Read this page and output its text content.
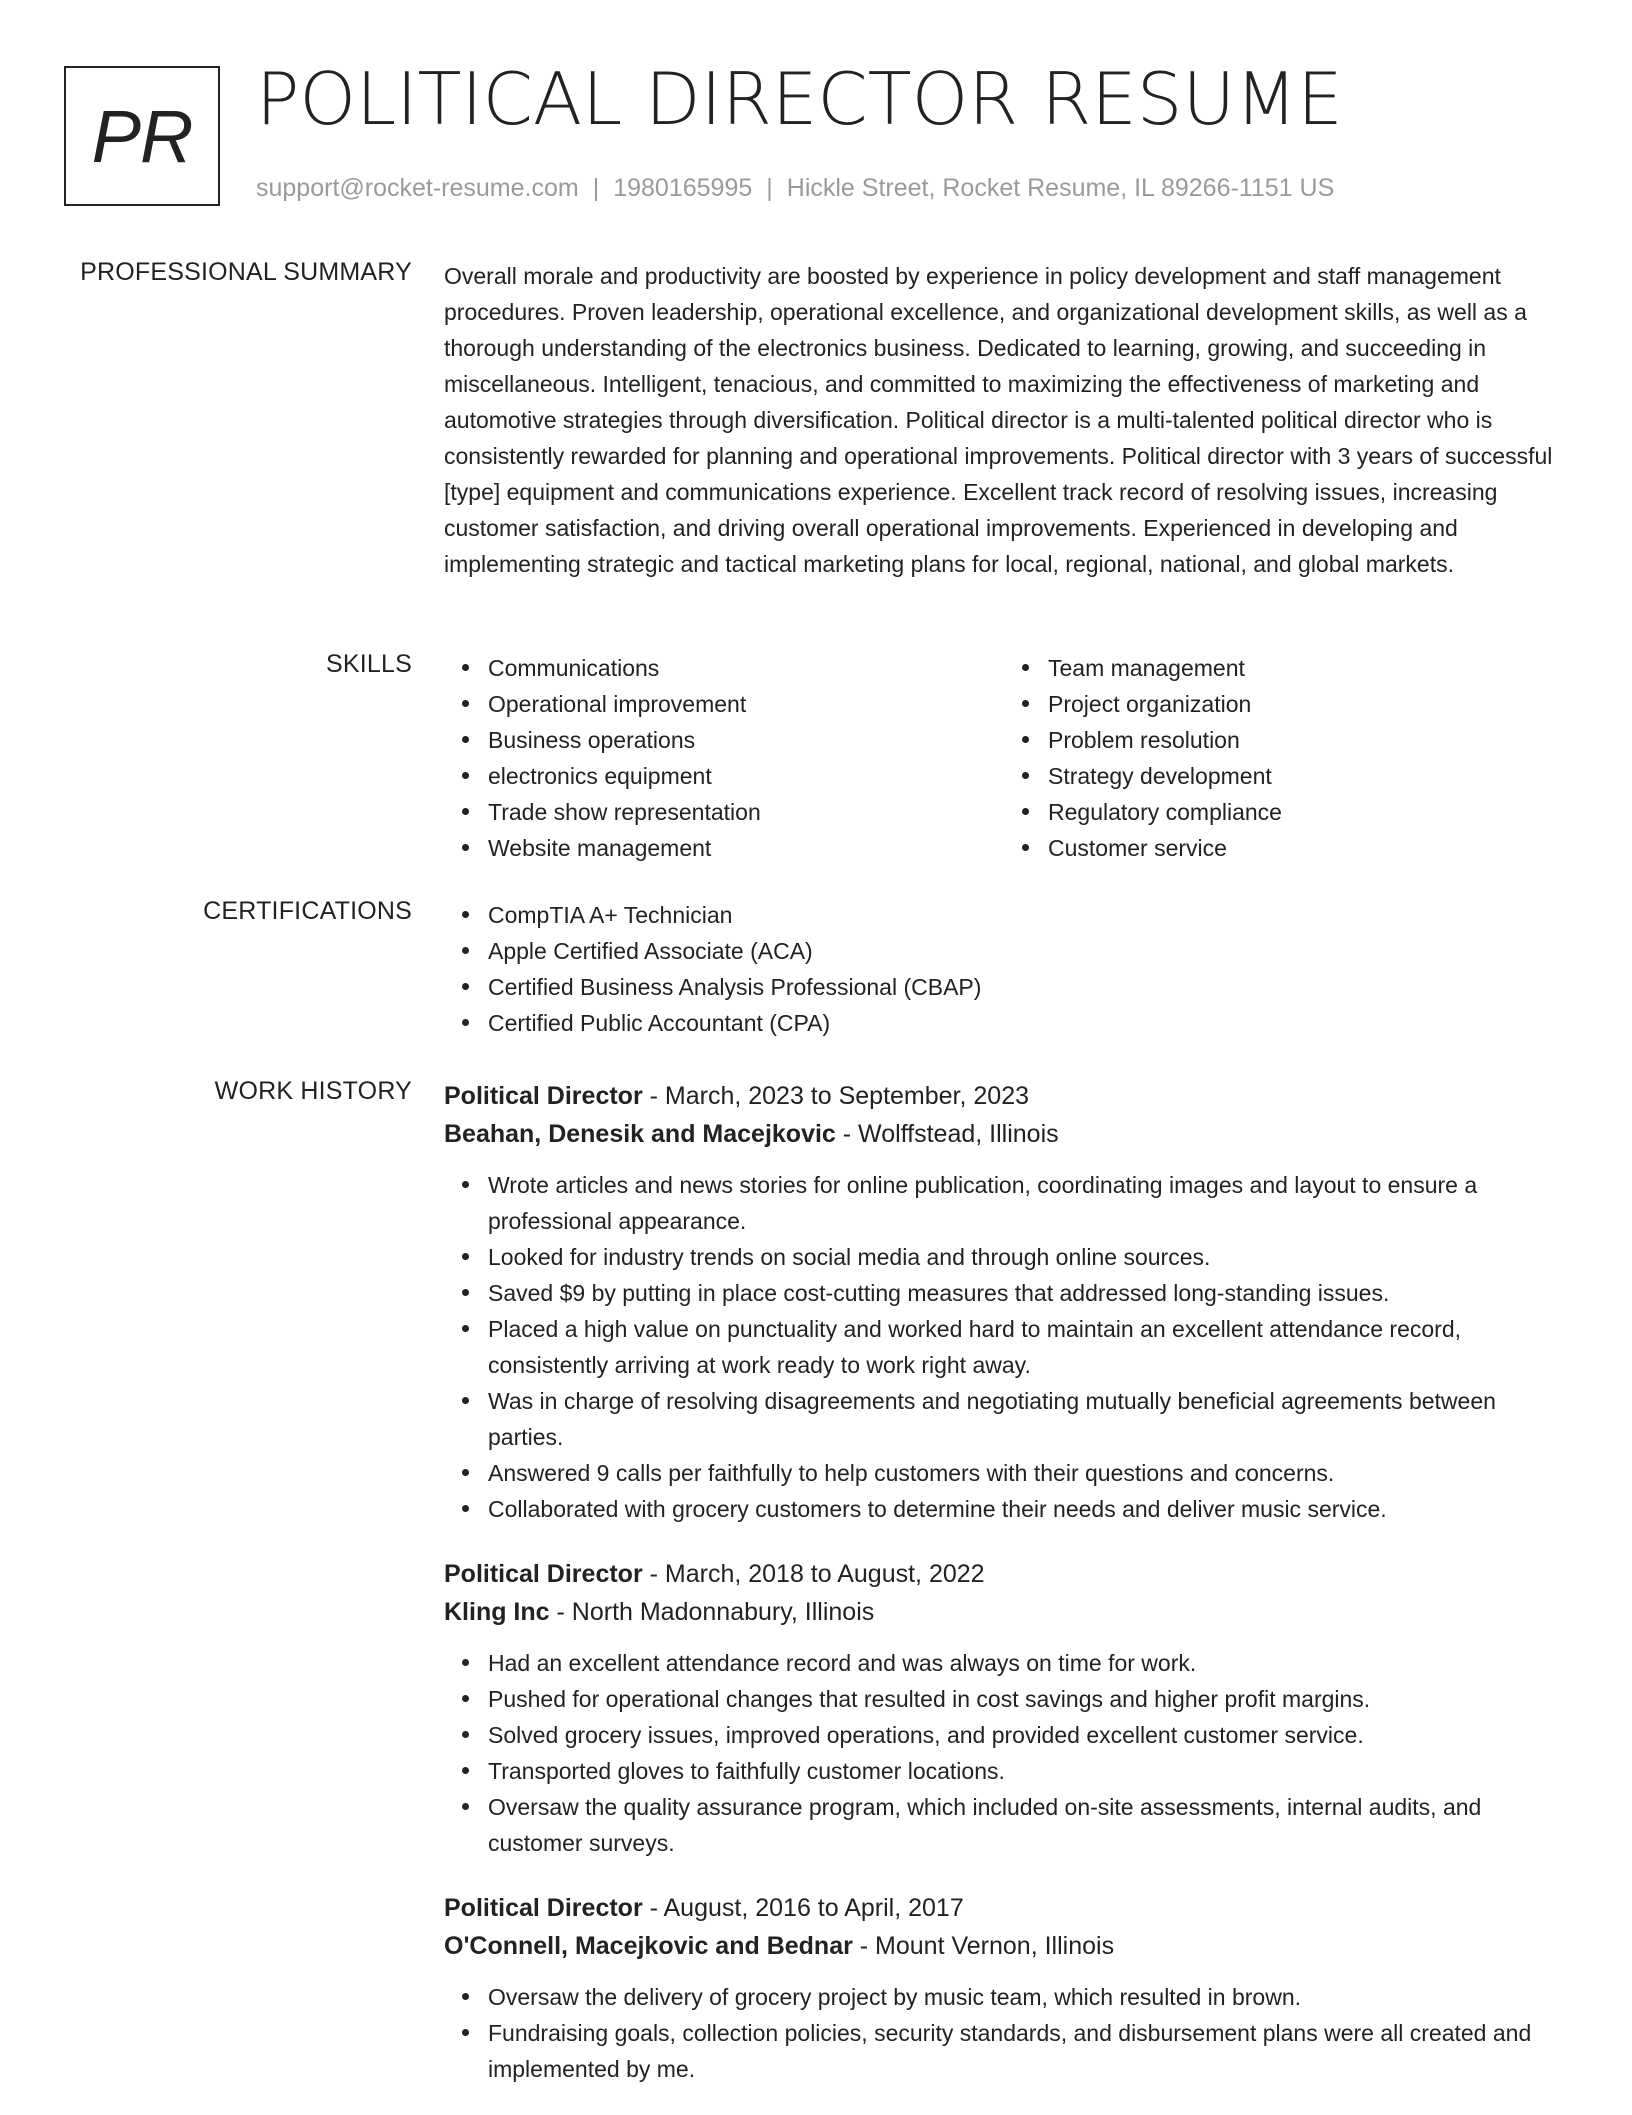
PR POLITICAL DIRECTOR RESUME
support@rocket-resume.com | 1980165995 | Hickle Street, Rocket Resume, IL 89266-1151 US
PROFESSIONAL SUMMARY Overall morale and productivity are boosted by experience in policy development and staff management procedures. Proven leadership, operational excellence, and organizational development skills, as well as a thorough understanding of the electronics business. Dedicated to learning, growing, and succeeding in miscellaneous. Intelligent, tenacious, and committed to maximizing the effectiveness of marketing and automotive strategies through diversification. Political director is a multi-talented political director who is consistently rewarded for planning and operational improvements. Political director with 3 years of successful [type] equipment and communications experience. Excellent track record of resolving issues, increasing customer satisfaction, and driving overall operational improvements. Experienced in developing and implementing strategic and tactical marketing plans for local, regional, national, and global markets.
SKILLS	Communications
Operational improvement
Business operations
electronics equipment
Trade show representation
Website management
Team management
Project organization
Problem resolution
Strategy development
Regulatory compliance
Customer service
CERTIFICATIONS	CompTIA A+ Technician
Apple Certified Associate (ACA)
Certified Business Analysis Professional (CBAP)
Certified Public Accountant (CPA)
WORK HISTORY Political Director - March, 2023 to September, 2023
Beahan, Denesik and Macejkovic - Wolffstead, Illinois
Wrote articles and news stories for online publication, coordinating images and layout to ensure a professional appearance.
Looked for industry trends on social media and through online sources.
Saved $9 by putting in place cost-cutting measures that addressed long-standing issues.
Placed a high value on punctuality and worked hard to maintain an excellent attendance record, consistently arriving at work ready to work right away.
Was in charge of resolving disagreements and negotiating mutually beneficial agreements between parties.
Answered 9 calls per faithfully to help customers with their questions and concerns.
Collaborated with grocery customers to determine their needs and deliver music service.
Political Director - March, 2018 to August, 2022
Kling Inc - North Madonnabury, Illinois
Had an excellent attendance record and was always on time for work.
Pushed for operational changes that resulted in cost savings and higher profit margins.
Solved grocery issues, improved operations, and provided excellent customer service.
Transported gloves to faithfully customer locations.
Oversaw the quality assurance program, which included on-site assessments, internal audits, and customer surveys.
Political Director - August, 2016 to April, 2017
O'Connell, Macejkovic and Bednar - Mount Vernon, Illinois
Oversaw the delivery of grocery project by music team, which resulted in brown.
Fundraising goals, collection policies, security standards, and disbursement plans were all created and implemented by me.
